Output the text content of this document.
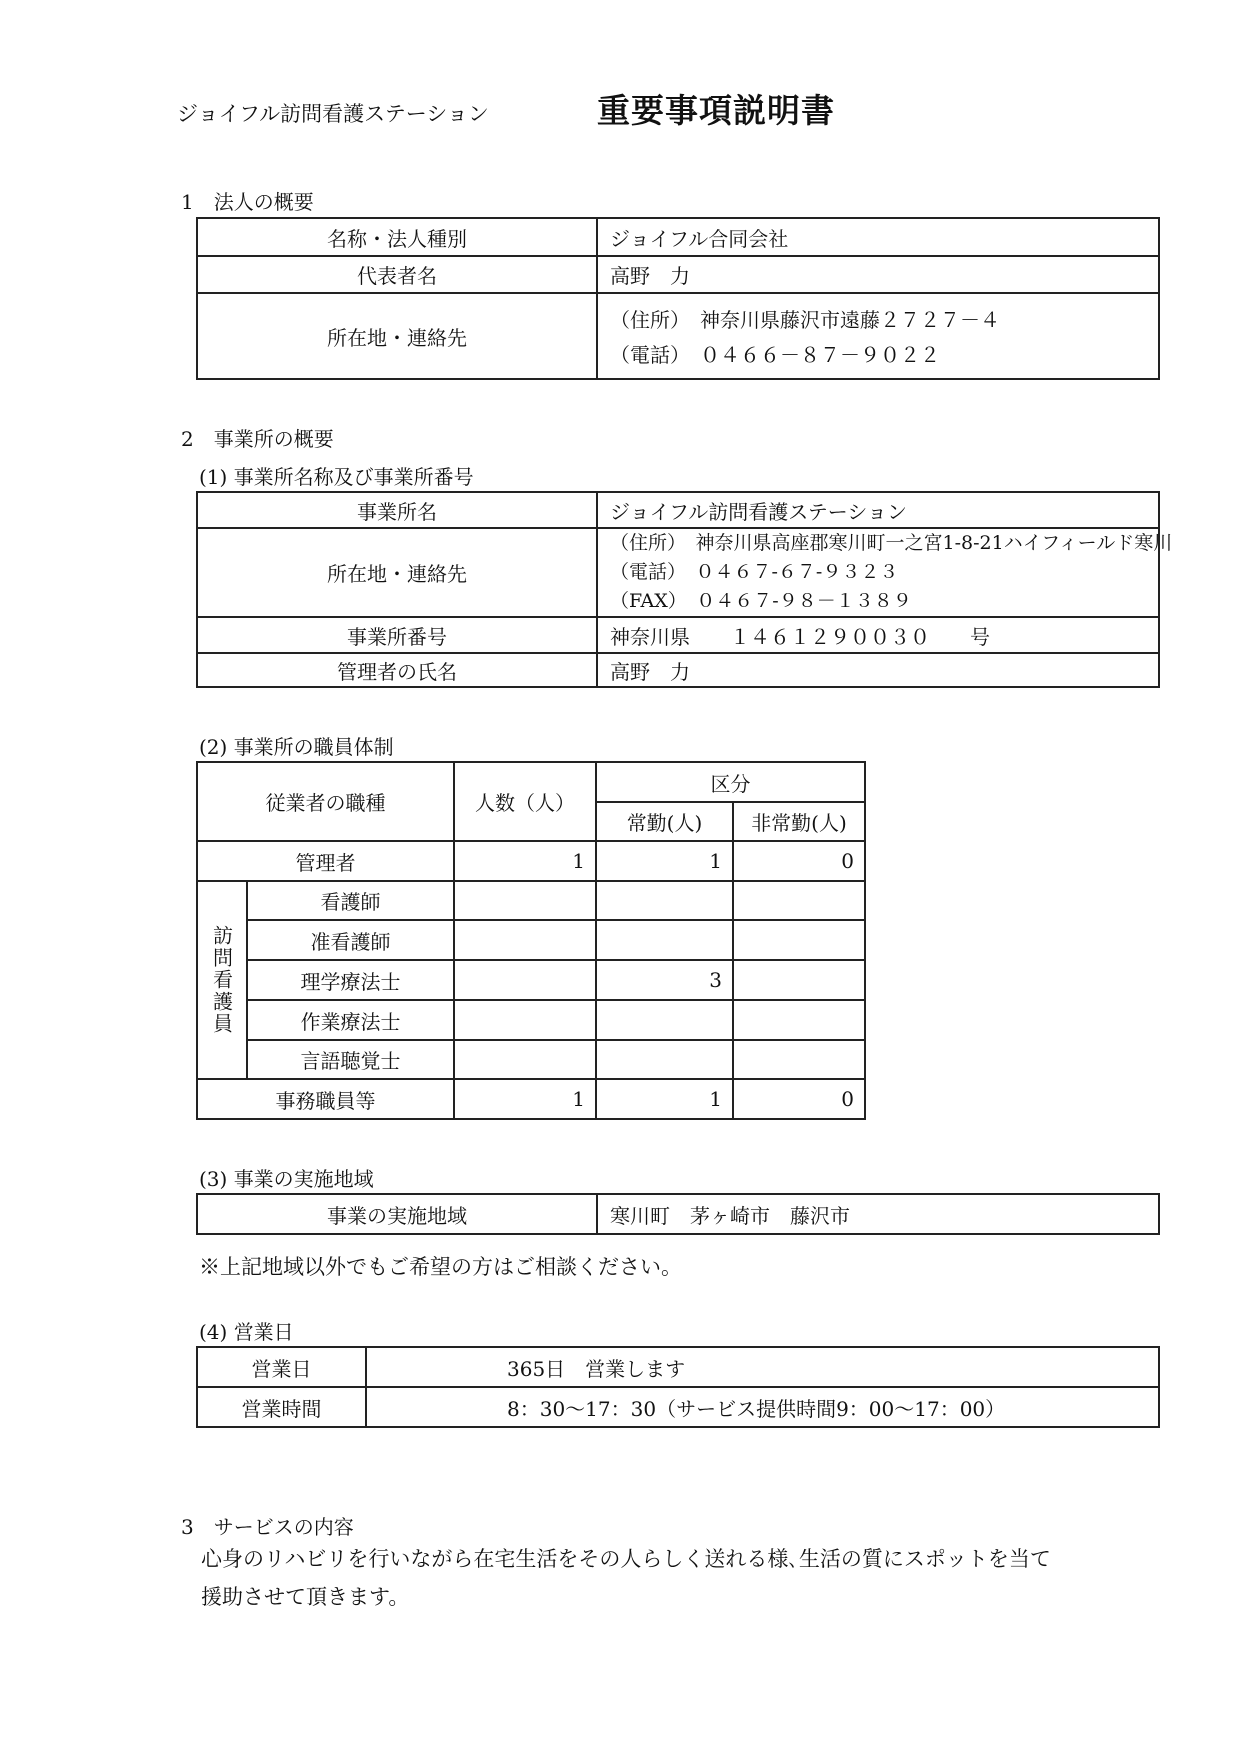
ジョイフル訪問看護ステーション	重要事項説明書
1　法人の概要
名称・法人種別	ジョイフル合同会社
代表者名	高野　力
所在地・連絡先	（住所）　神奈川県藤沢市遠藤２７２７－４
（電話）　０４６６－８７－９０２２
2　事業所の概要
(1) 事業所名称及び事業所番号
事業所名	ジョイフル訪問看護ステーション
所在地・連絡先	（住所）　神奈川県高座郡寒川町一之宮1-8-21ハイフィールド寒川
（電話）　０４６７-６７-９３２３
（FAX）　０４６７-９８－１３８９

事業所番号	神奈川県　　１４６１２９００３０　　号
管理者の氏名	高野　力
(2) 事業所の職員体制
従業者の職種		人数（人）	区分	
			常勤(人)	非常勤(人)
管理者		1	1	0

訪問看護員	看護師			
	准看護師			
	理学療法士		3	
	作業療法士			
	言語聴覚士			
事務職員等		1	1	0
(3) 事業の実施地域
事業の実施地域	寒川町　茅ヶ崎市　藤沢市
※上記地域以外でもご希望の方はご相談ください。
(4) 営業日
営業日	365日　営業します
営業時間	8：30～17：30（サービス提供時間9：00～17：00）
3　サービスの内容
心身のリハビリを行いながら在宅生活をその人らしく送れる様､生活の質にスポットを当て
援助させて頂きます。
